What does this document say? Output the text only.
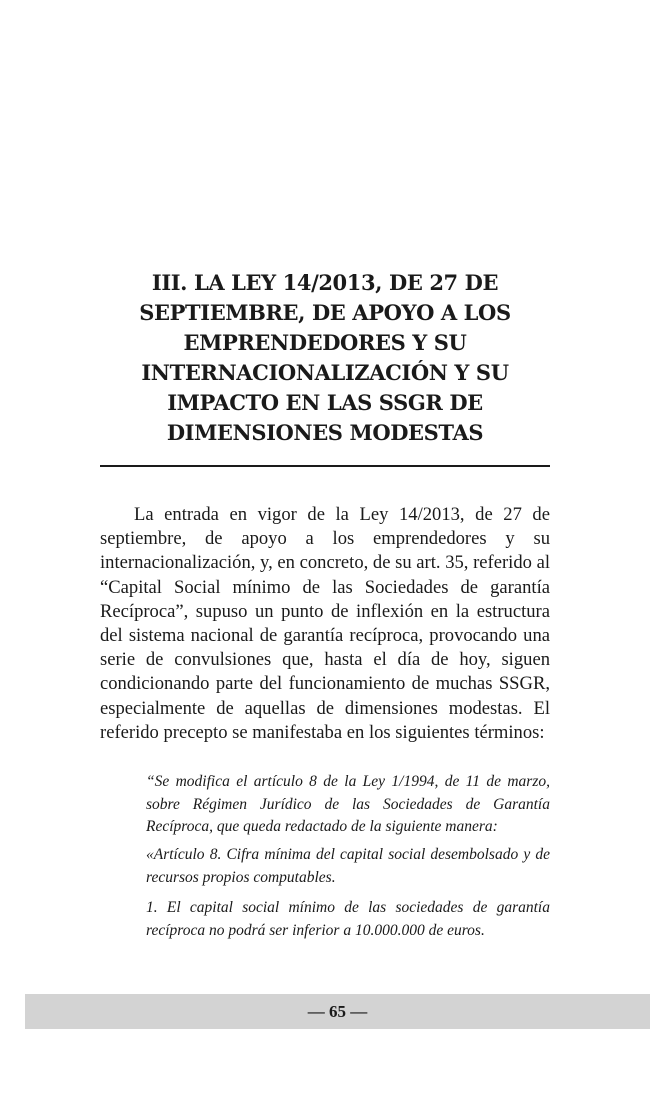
III. LA LEY 14/2013, DE 27 DE SEPTIEMBRE, DE APOYO A LOS EMPRENDEDORES Y SU INTERNACIONALIZACIÓN Y SU IMPACTO EN LAS SSGR DE DIMENSIONES MODESTAS

La entrada en vigor de la Ley 14/2013, de 27 de septiembre, de apoyo a los emprendedores y su internacionalización, y, en concreto, de su art. 35, referido al “Capital Social mínimo de las Sociedades de garantía Recíproca”, supuso un punto de inflexión en la estructura del sistema nacional de garantía recíproca, provocando una serie de convulsiones que, hasta el día de hoy, siguen condicionando parte del funcionamiento de muchas SSGR, especialmente de aquellas de dimensiones modestas. El referido precepto se manifestaba en los siguientes términos:

“Se modifica el artículo 8 de la Ley 1/1994, de 11 de marzo, sobre Régimen Jurídico de las Sociedades de Garantía Recíproca, que queda redactado de la siguiente manera:

«Artículo 8. Cifra mínima del capital social desembolsado y de recursos propios computables.

1. El capital social mínimo de las sociedades de garantía recíproca no podrá ser inferior a 10.000.000 de euros.

— 65 —
